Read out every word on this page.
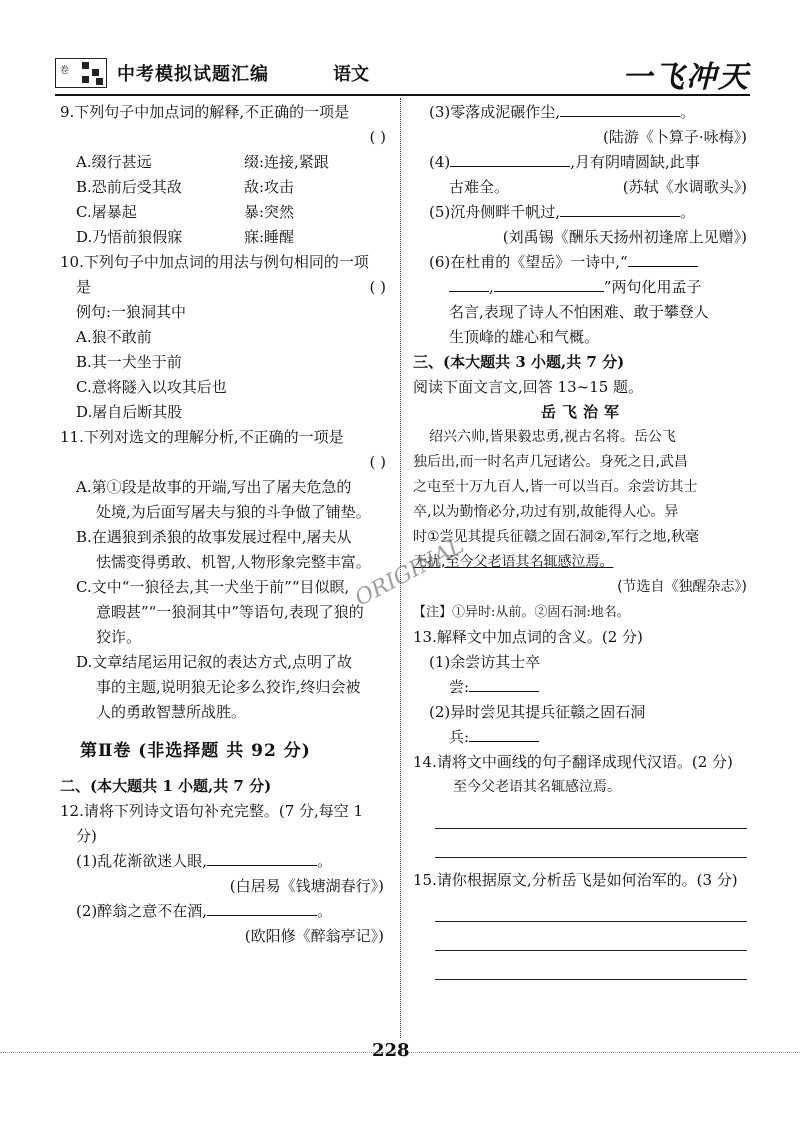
卷	中考模拟试题汇编	语文	一飞冲天
9.下列句子中加点词的解释,不正确的一项是
( )
A.缀行甚远	缀:连接,紧跟
B.恐前后受其敌	敌:攻击
C.屠暴起	暴:突然
D.乃悟前狼假寐	寐:睡醒
10.下列句子中加点词的用法与例句相同的一项
是	( )
例句:一狼洞其中
A.狼不敢前
B.其一犬坐于前
C.意将隧入以攻其后也
D.屠自后断其股
11.下列对选文的理解分析,不正确的一项是
( )
A.第①段是故事的开端,写出了屠夫危急的
处境,为后面写屠夫与狼的斗争做了铺垫。
B.在遇狼到杀狼的故事发展过程中,屠夫从
怯懦变得勇敢、机智,人物形象完整丰富。
C.文中“一狼径去,其一犬坐于前”“目似瞑,
意暇甚”“一狼洞其中”等语句,表现了狼的
狡诈。
D.文章结尾运用记叙的表达方式,点明了故
事的主题,说明狼无论多么狡诈,终归会被
人的勇敢智慧所战胜。
第Ⅱ卷 (非选择题 共 92 分)
二、(本大题共 1 小题,共 7 分)
12.请将下列诗文语句补充完整。(7 分,每空 1
分)
(1)乱花渐欲迷人眼,	。
(白居易《钱塘湖春行》)
(2)醉翁之意不在酒,	。
(欧阳修《醉翁亭记》)
(3)零落成泥碾作尘,	。
(陆游《卜算子·咏梅》)
(4)	,月有阴晴圆缺,此事
古难全。	(苏轼《水调歌头》)
(5)沉舟侧畔千帆过,	。
(刘禹锡《酬乐天扬州初逢席上见赠》)
(6)在杜甫的《望岳》一诗中,“
,	”两句化用孟子
名言,表现了诗人不怕困难、敢于攀登人
生顶峰的雄心和气概。
三、(本大题共 3 小题,共 7 分)
阅读下面文言文,回答 13~15 题。
岳飞治军
绍兴六帅,皆果毅忠勇,视古名将。岳公飞
独后出,而一时名声几冠诸公。身死之日,武昌
之屯至十万九百人,皆一可以当百。余尝访其士
卒,以为勤惰必分,功过有别,故能得人心。异
时①尝见其提兵征赣之固石洞②,军行之地,秋毫
无扰,至今父老语其名辄感泣焉。
(节选自《独醒杂志》)
【注】①异时:从前。②固石洞:地名。
13.解释文中加点词的含义。(2 分)
(1)余尝访其士卒
尝:
(2)异时尝见其提兵征赣之固石洞
兵:
14.请将文中画线的句子翻译成现代汉语。(2 分)
至今父老语其名辄感泣焉。
15.请你根据原文,分析岳飞是如何治军的。(3 分)
ORIGINAL
228
